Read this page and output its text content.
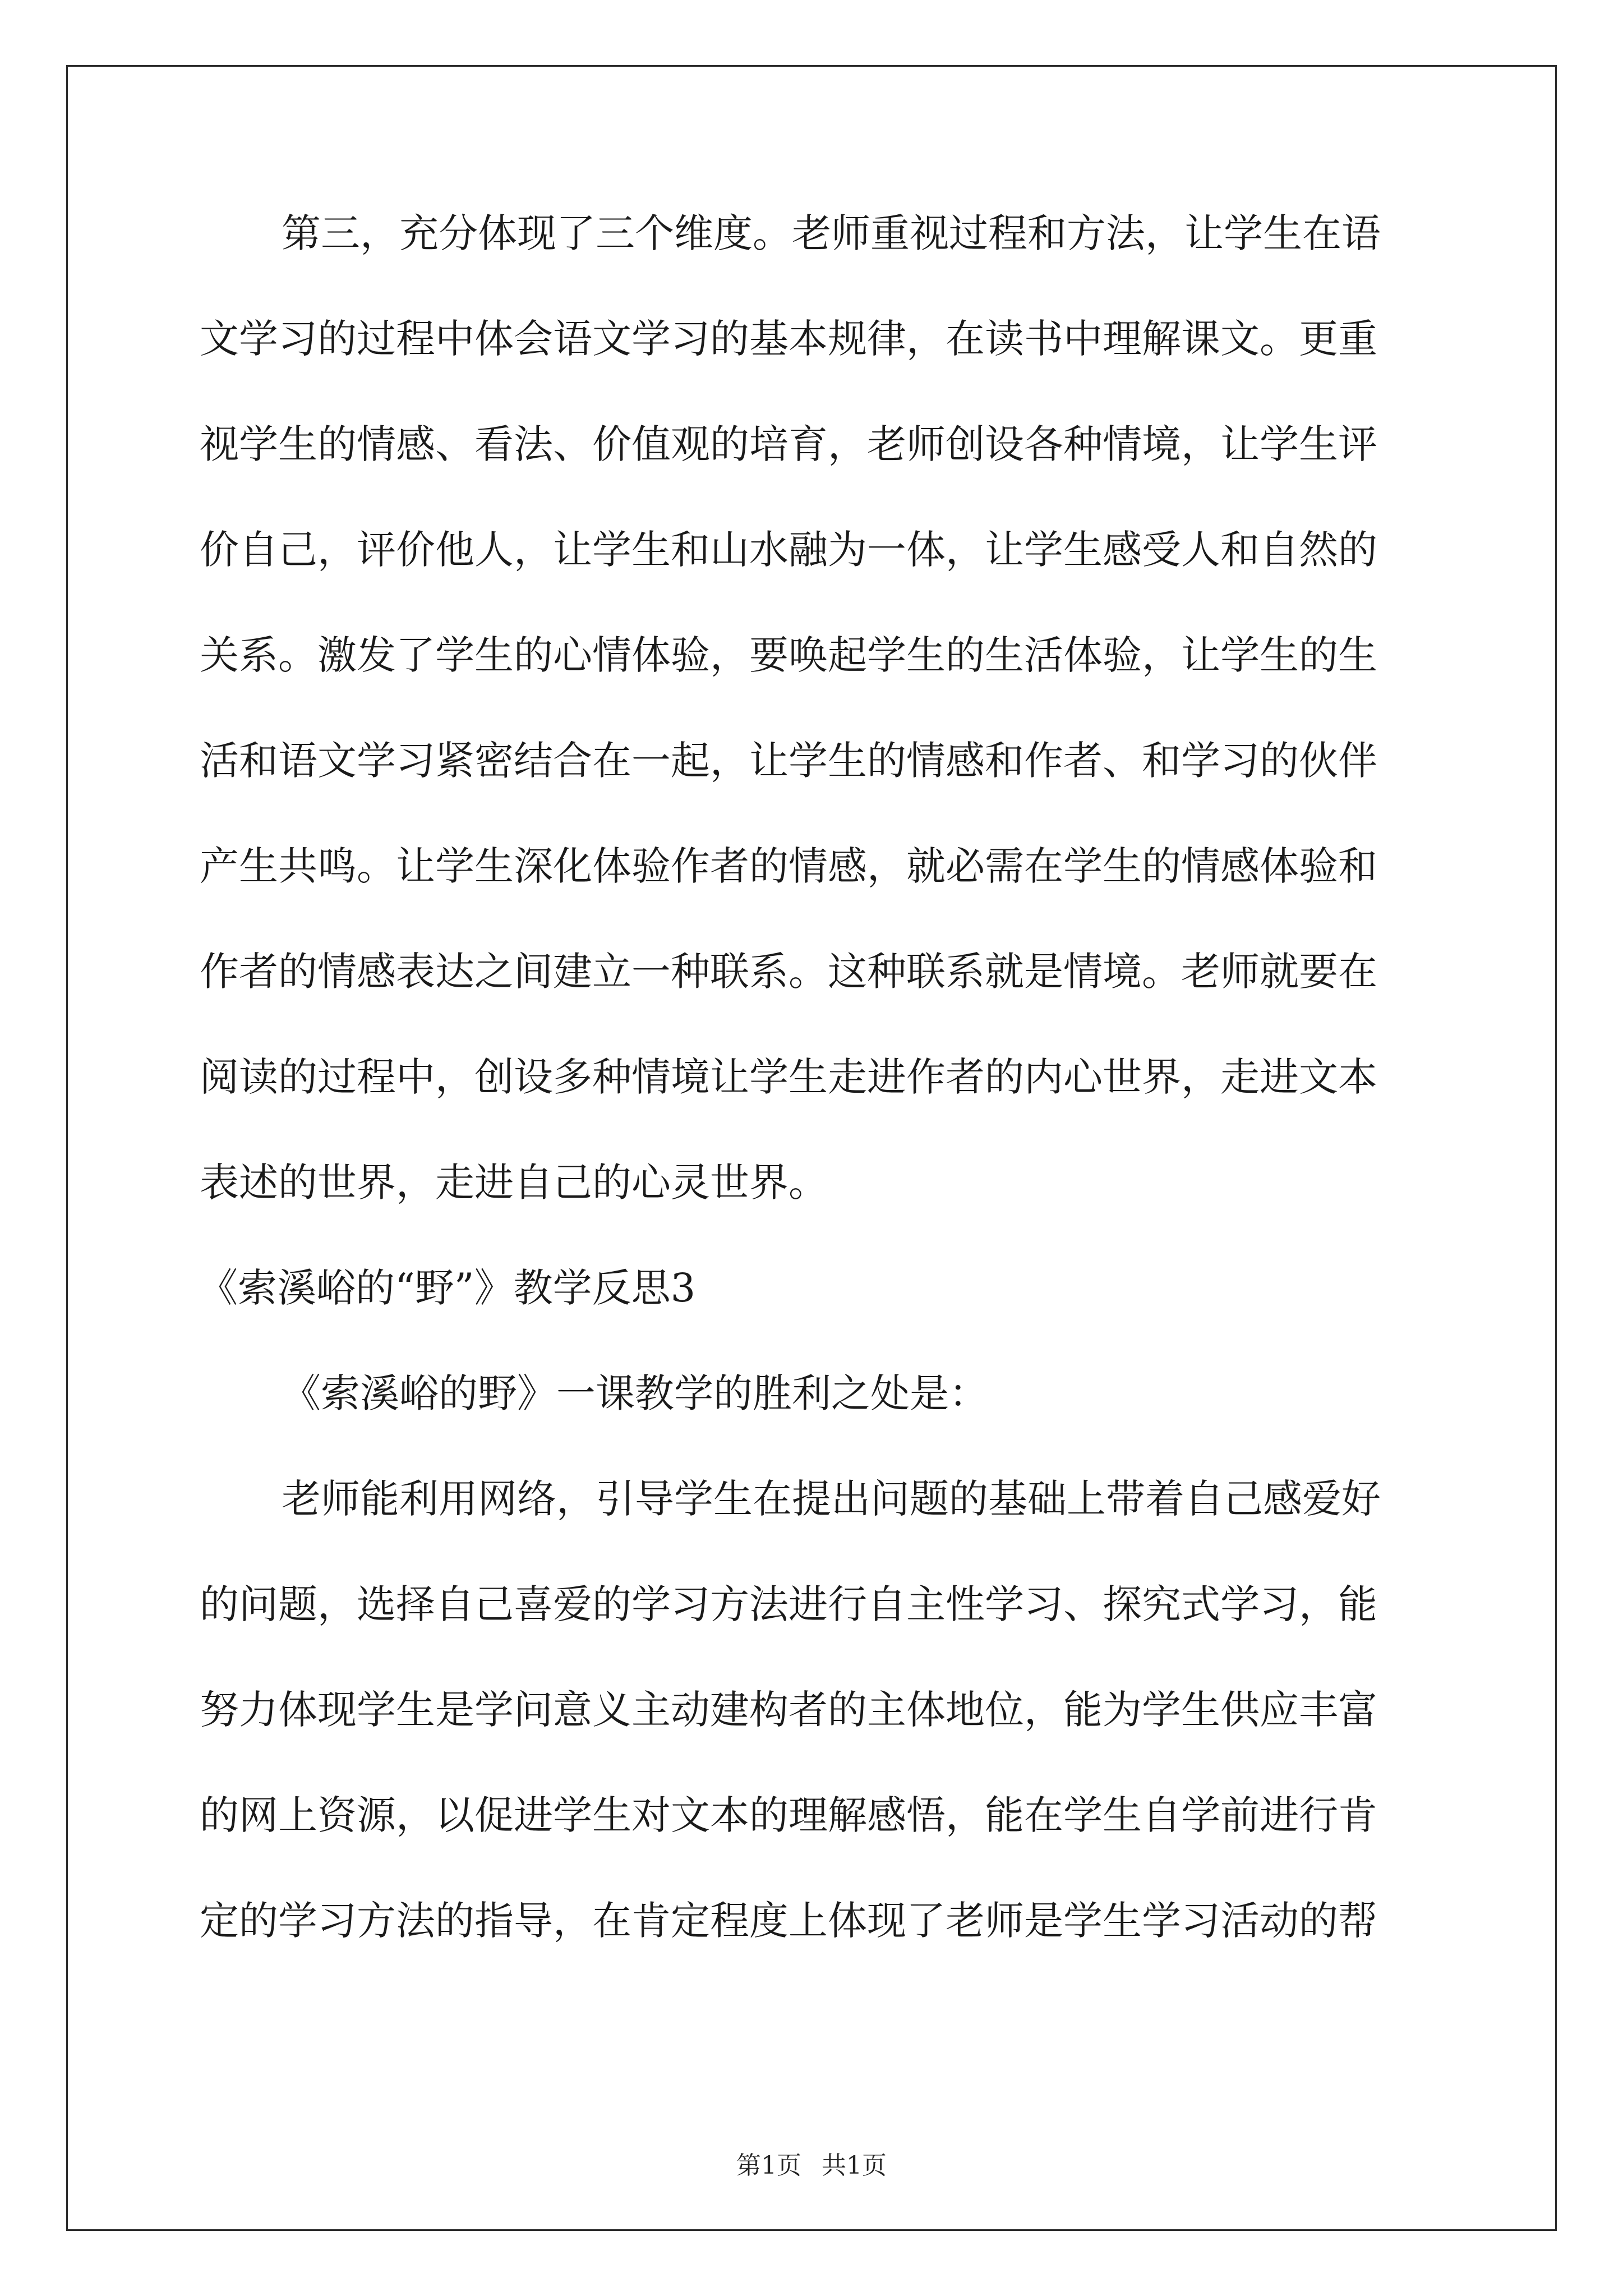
第三，充分体现了三个维度。老师重视过程和方法，让学生在语
文学习的过程中体会语文学习的基本规律，在读书中理解课文。更重
视学生的情感、看法、价值观的培育，老师创设各种情境，让学生评
价自己，评价他人，让学生和山水融为一体，让学生感受人和自然的
关系。激发了学生的心情体验，要唤起学生的生活体验，让学生的生
活和语文学习紧密结合在一起，让学生的情感和作者、和学习的伙伴
产生共鸣。让学生深化体验作者的情感，就必需在学生的情感体验和
作者的情感表达之间建立一种联系。这种联系就是情境。老师就要在
阅读的过程中，创设多种情境让学生走进作者的内心世界，走进文本
表述的世界，走进自己的心灵世界。
《索溪峪的“野”》教学反思3
《索溪峪的野》一课教学的胜利之处是：
老师能利用网络，引导学生在提出问题的基础上带着自己感爱好
的问题，选择自己喜爱的学习方法进行自主性学习、探究式学习，能
努力体现学生是学问意义主动建构者的主体地位，能为学生供应丰富
的网上资源，以促进学生对文本的理解感悟，能在学生自学前进行肯
定的学习方法的指导，在肯定程度上体现了老师是学生学习活动的帮
第1页 共1页
